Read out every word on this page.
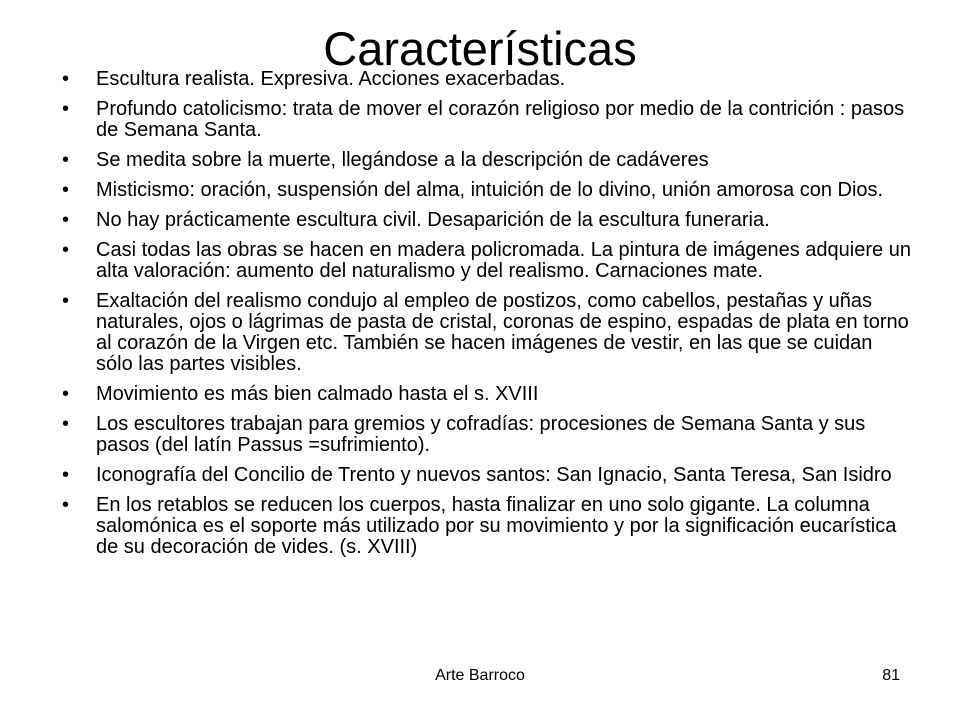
Características
•	Escultura realista. Expresiva. Acciones exacerbadas.
•	Profundo catolicismo: trata de mover el corazón religioso por medio de la contrición : pasos de Semana Santa.
•	Se medita sobre la muerte, llegándose a la descripción de cadáveres
•	Misticismo: oración, suspensión del alma, intuición de lo divino, unión amorosa con Dios.
•	No hay prácticamente escultura civil. Desaparición de la escultura funeraria.
•	Casi todas las obras se hacen en madera policromada. La pintura de imágenes adquiere un alta valoración: aumento del naturalismo y del realismo. Carnaciones mate.
•	Exaltación del realismo condujo al empleo de postizos, como cabellos, pestañas y uñas naturales, ojos o lágrimas de pasta de cristal, coronas de espino, espadas de plata en torno al corazón de la Virgen etc. También se hacen imágenes de vestir, en las que se cuidan sólo las partes visibles.
•	Movimiento es más bien calmado hasta el s. XVIII
•	Los escultores trabajan para gremios y cofradías: procesiones de Semana Santa y sus pasos (del latín Passus =sufrimiento).
•	Iconografía del Concilio de Trento y nuevos santos: San Ignacio, Santa Teresa, San Isidro
•	En los retablos se reducen los cuerpos, hasta finalizar en uno solo gigante. La columna salomónica es el soporte más utilizado por su movimiento y por la significación eucarística de su decoración de vides. (s. XVIII)
Arte Barroco	81
